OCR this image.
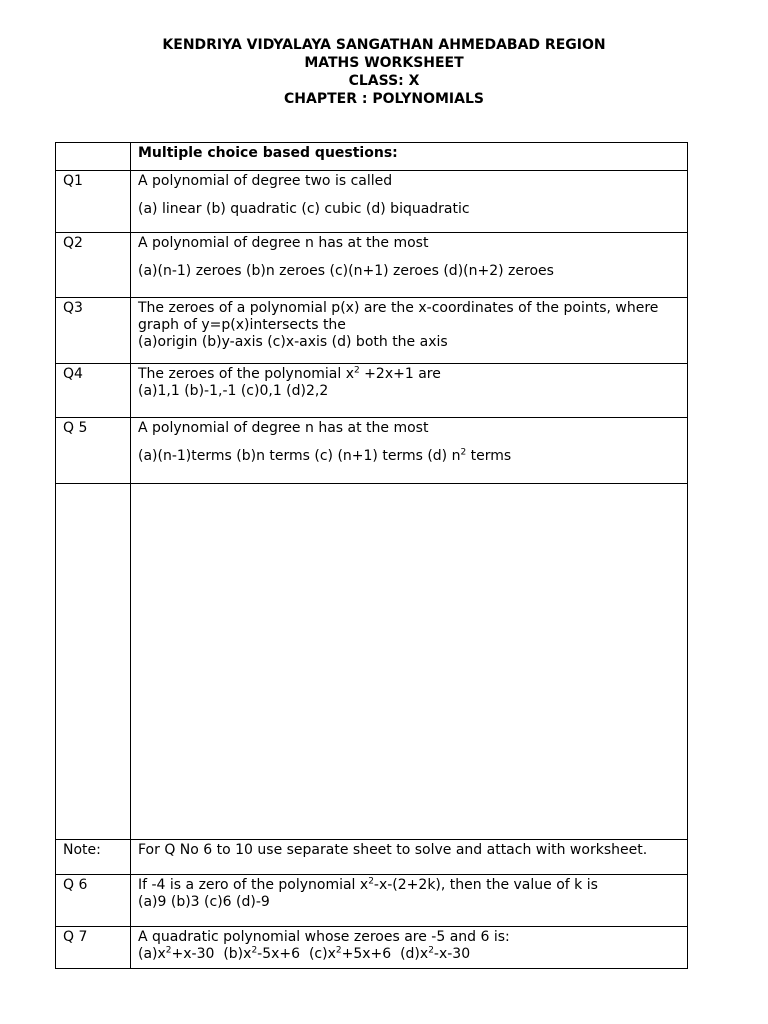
KENDRIYA VIDYALAYA SANGATHAN AHMEDABAD REGION
MATHS WORKSHEET
CLASS: X
CHAPTER : POLYNOMIALS
	Multiple choice based questions:
Q1	A polynomial of degree two is called
(a) linear (b) quadratic (c) cubic (d) biquadratic

Q2	A polynomial of degree n has at the most
(a)(n-1) zeroes (b)n zeroes (c)(n+1) zeroes (d)(n+2) zeroes

Q3	The zeroes of a polynomial p(x) are the x-coordinates of the points, where graph of y=p(x)intersects the
(a)origin (b)y-axis (c)x-axis (d) both the axis

Q4	The zeroes of the polynomial $x^2 +2x+1$ are
(a)1,1 (b)-1,-1 (c)0,1 (d)2,2

Q 5	A polynomial of degree n has at the most
(a)(n-1)terms (b)n terms (c) (n+1) terms (d) $n^2$ terms

Note:	For Q No 6 to 10 use separate sheet to solve and attach with worksheet.
Q 6	If -4 is a zero of the polynomial $x^2-x-(2+2k)$, then the value of k is
(a)9 (b)3 (c)6 (d)-9

Q 7	A quadratic polynomial whose zeroes are -5 and 6 is:
$(a)x^2+x-30$  $(b)x^2-5x+6$  $(c)x^2+5x+6$  $(d)x^2-x-30$
